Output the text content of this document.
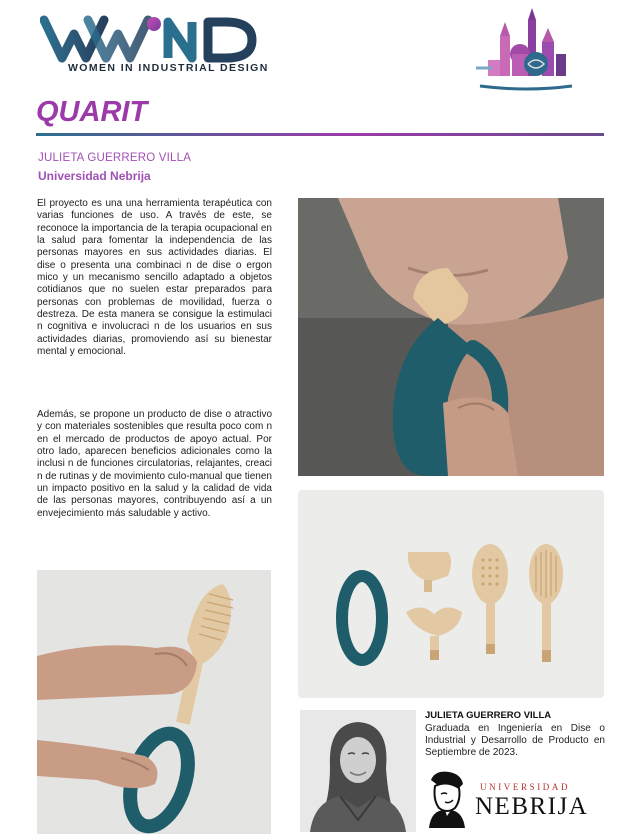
WOMEN IN INDUSTRIAL DESIGN
QUARIT
JULIETA GUERRERO VILLA
Universidad Nebrija
El proyecto es una una herramienta terapéutica con varias funciones de uso. A través de este, se reconoce la importancia de la terapia ocupacional en la salud para fomentar la independencia de las personas mayores en sus actividades diarias. El dise o presenta una combinaci n de dise o ergon mico y un mecanismo sencillo adaptado a objetos cotidianos que no suelen estar preparados para personas con problemas de movilidad, fuerza o destreza. De esta manera se consigue la estimulaci n cognitiva e involucraci n de los usuarios en sus actividades diarias, promoviendo así su bienestar mental y emocional.
Además, se propone un producto de dise o atractivo y con materiales sostenibles que resulta poco com n en el mercado de productos de apoyo actual. Por otro lado, aparecen beneficios adicionales como la inclusi n de funciones circulatorias, relajantes, creaci n de rutinas y de movimiento culo-manual que tienen un impacto positivo en la salud y la calidad de vida de las personas mayores, contribuyendo así a un envejecimiento más saludable y activo.
JULIETA GUERRERO VILLA
Graduada en Ingeniería en Dise o Industrial y Desarrollo de Producto en Septiembre de 2023.
UNIVERSIDAD
NEBRIJA
